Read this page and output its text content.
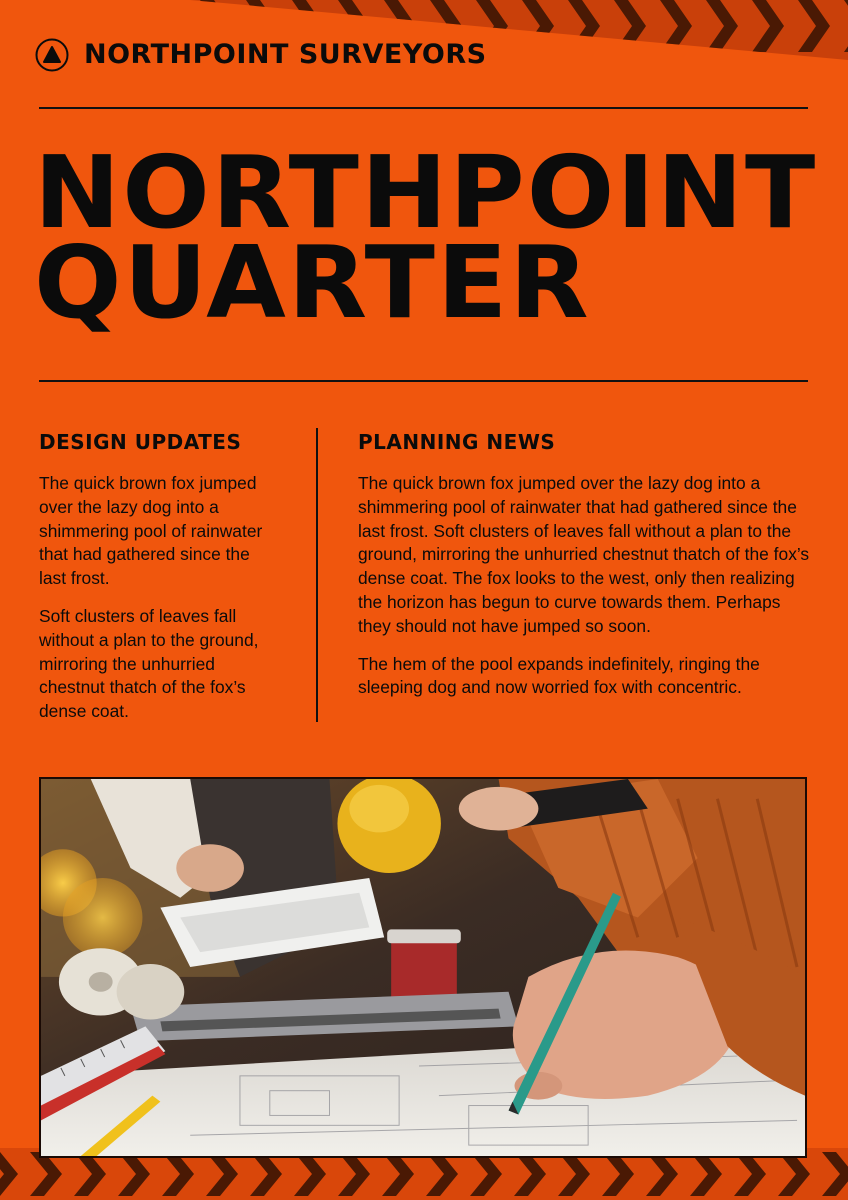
NORTHPOINT SURVEYORS
NORTHPOINT
QUARTER
DESIGN UPDATES

The quick brown fox jumped over the lazy dog into a shimmering pool of rainwater that had gathered since the last frost.

Soft clusters of leaves fall without a plan to the ground, mirroring the unhurried chestnut thatch of the fox’s dense coat.

PLANNING NEWS

The quick brown fox jumped over the lazy dog into a shimmering pool of rainwater that had gathered since the last frost. Soft clusters of leaves fall without a plan to the ground, mirroring the unhurried chestnut thatch of the fox’s dense coat. The fox looks to the west, only then realizing the horizon has begun to curve towards them. Perhaps they should not have jumped so soon.

The hem of the pool expands indefinitely, ringing the sleeping dog and now worried fox with concentric.
